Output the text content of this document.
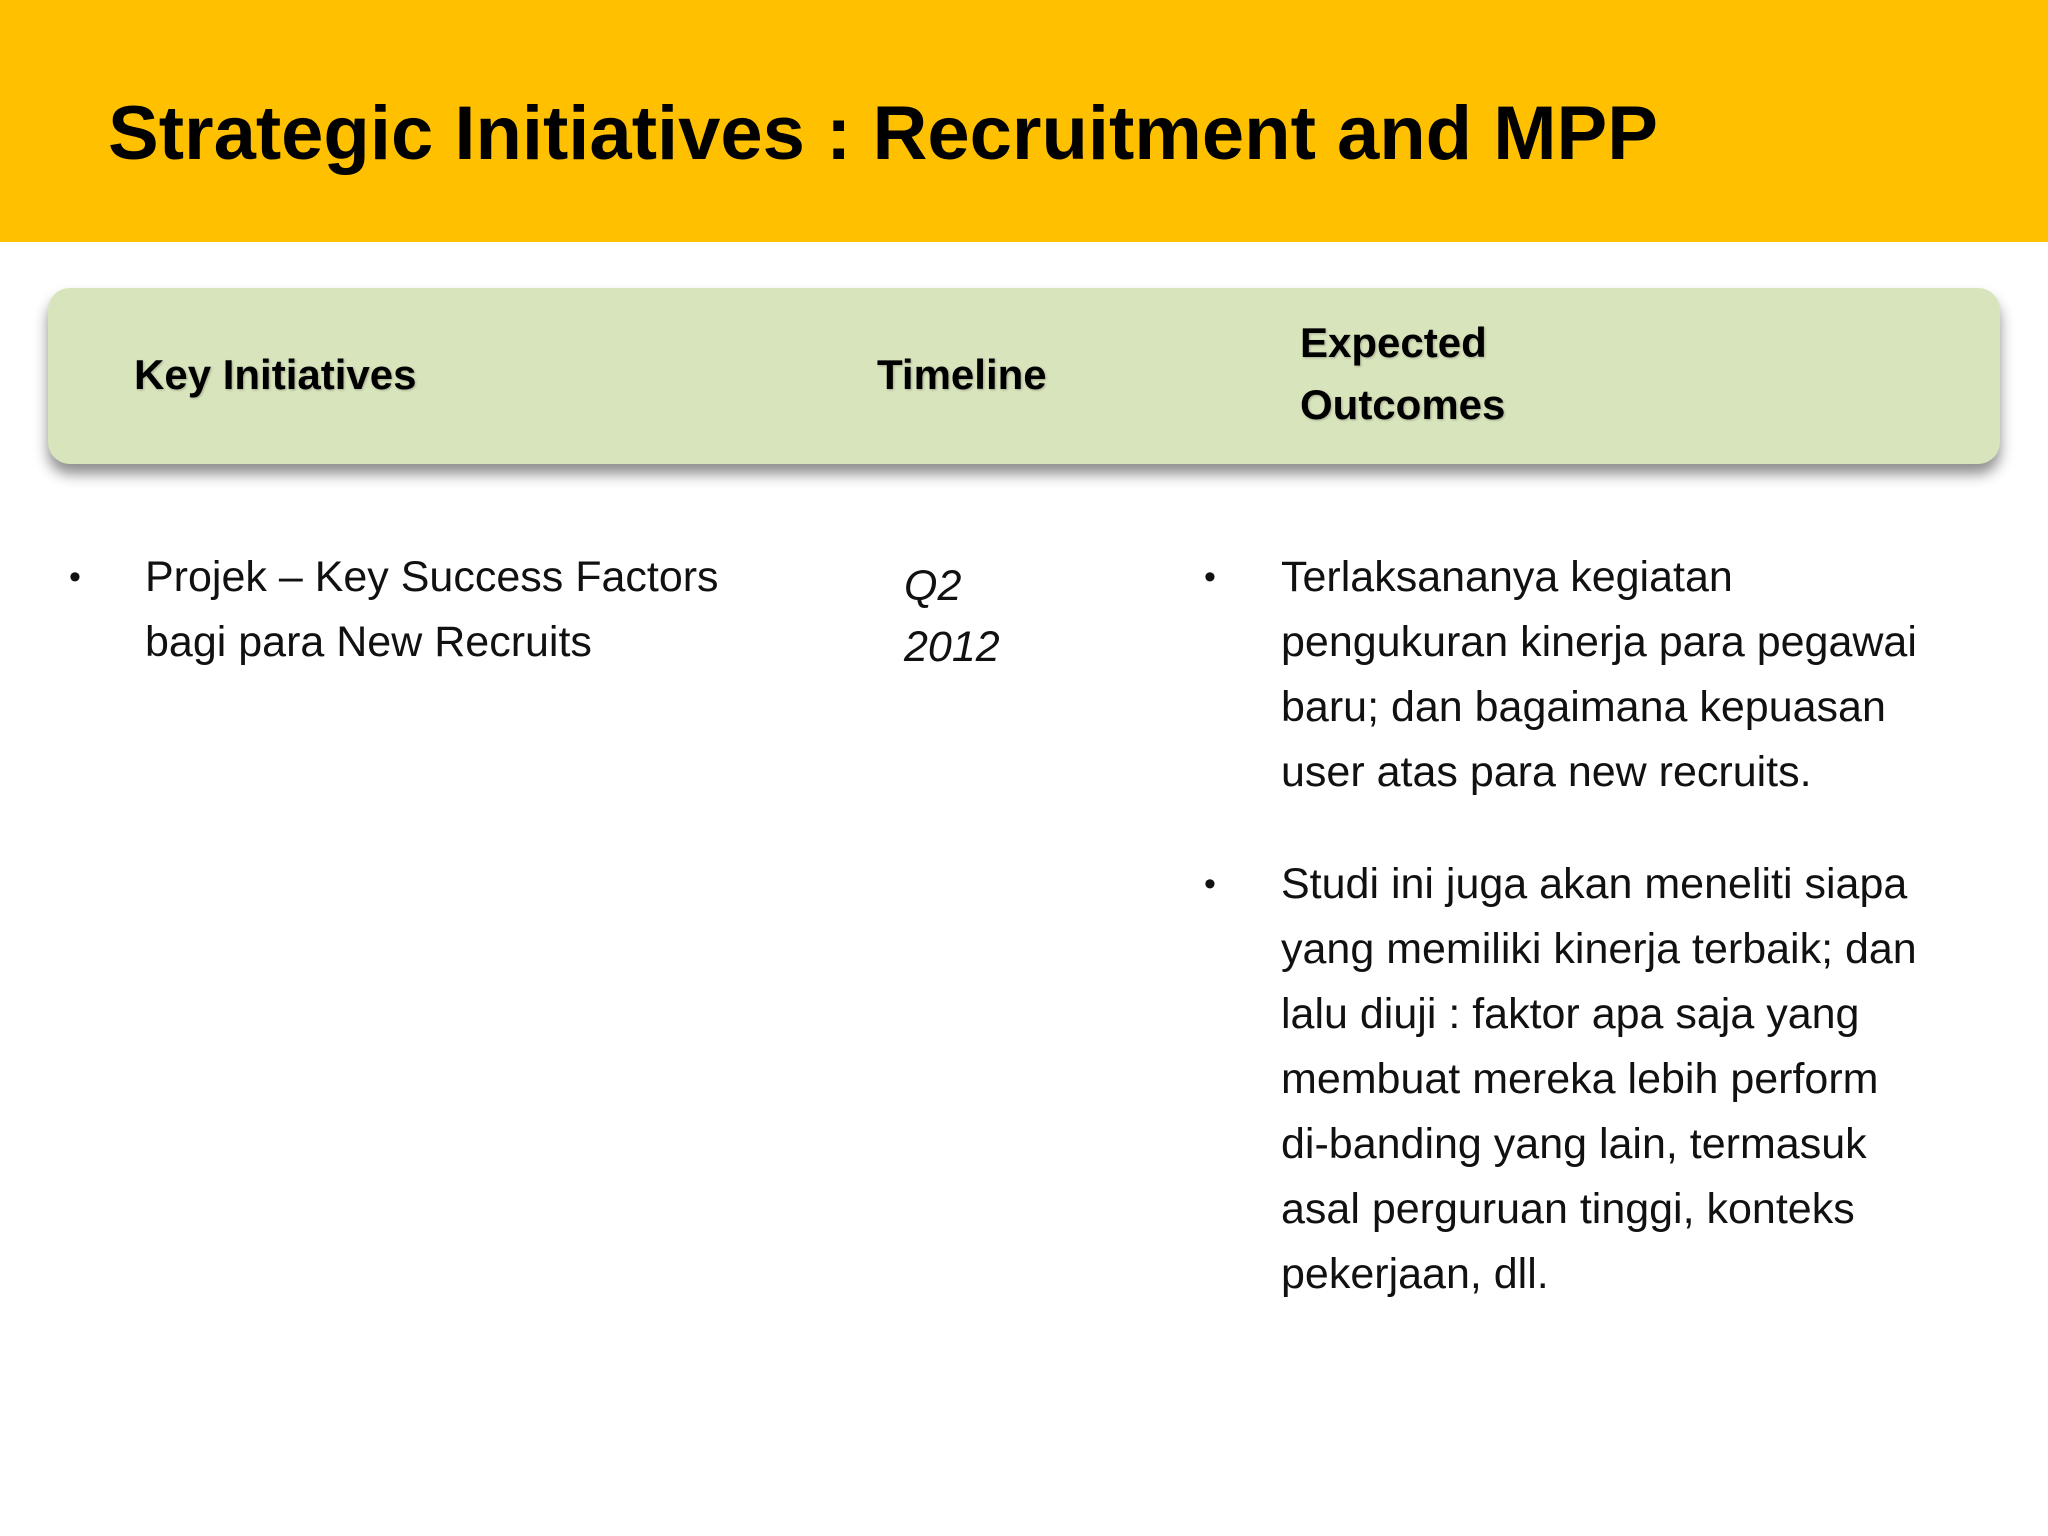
Strategic Initiatives : Recruitment and MPP
Key Initiatives	Timeline
Expected Outcomes
• Projek – Key Success Factors bagi para New Recruits
Q2
2012
• Terlaksananya kegiatan pengukuran kinerja para pegawai baru; dan bagaimana kepuasan user atas para new recruits.
• Studi ini juga akan meneliti siapa yang memiliki kinerja terbaik; dan lalu diuji : faktor apa saja yang membuat mereka lebih perform di-banding yang lain, termasuk asal perguruan tinggi, konteks pekerjaan, dll.
